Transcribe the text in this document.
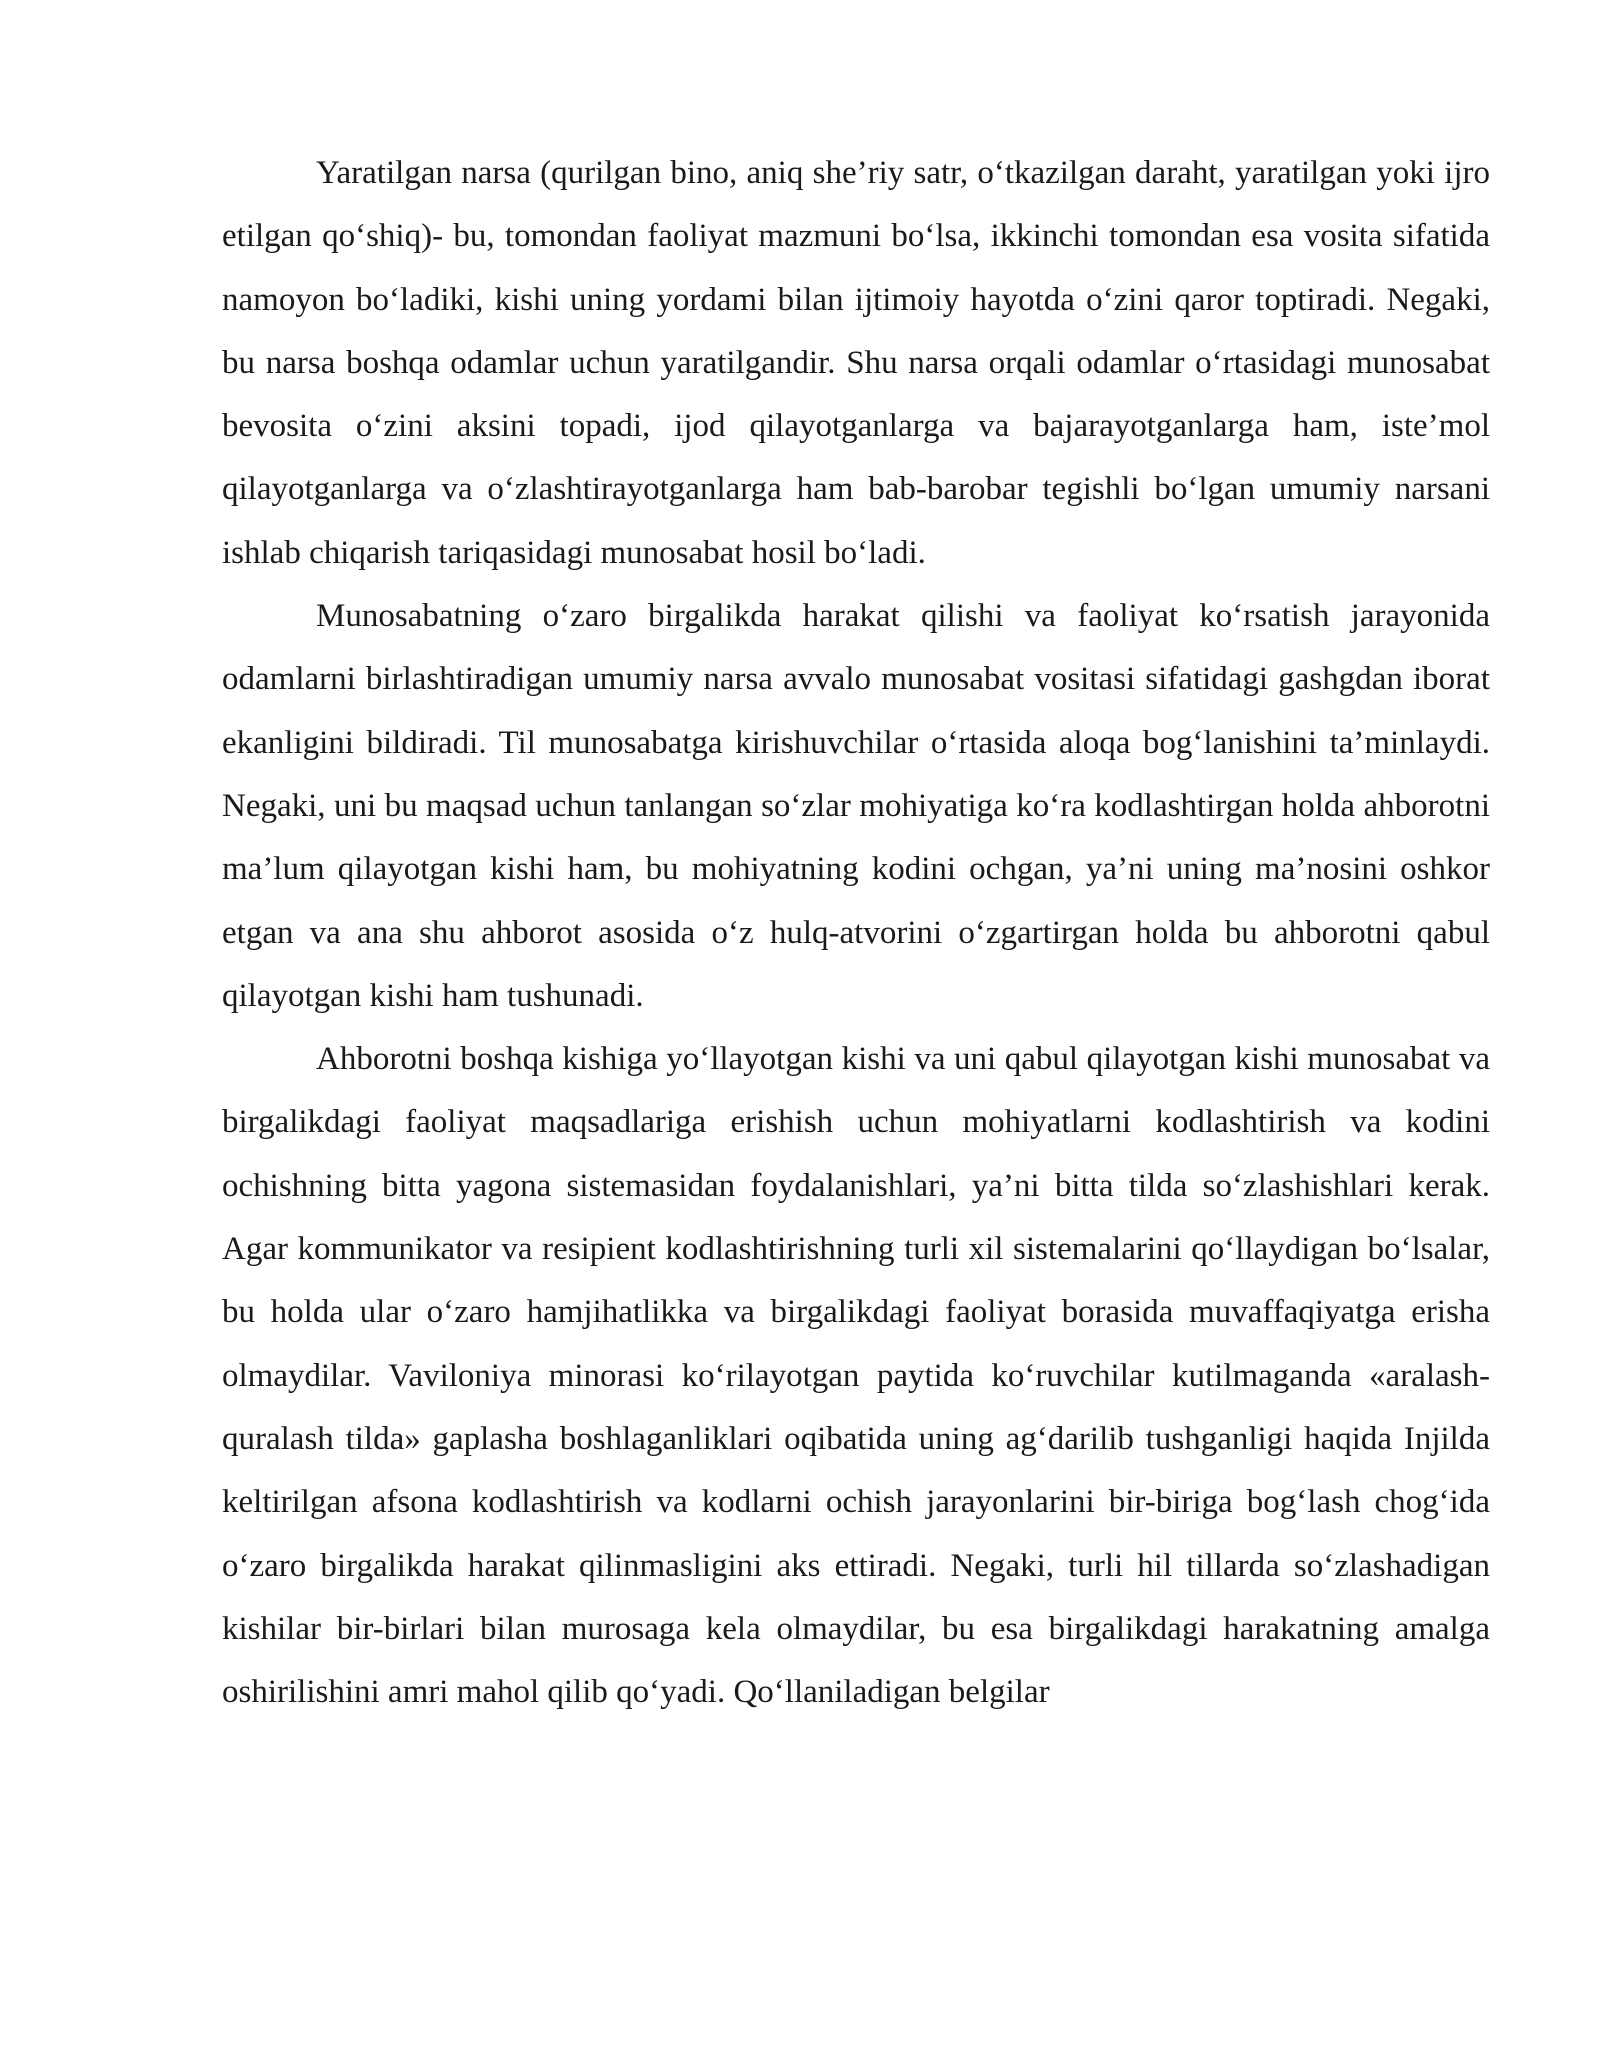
Yaratilgan narsa (qurilgan bino, aniq she’riy satr, o‘tkazilgan daraht, yaratilgan yoki ijro etilgan qo‘shiq)- bu, tomondan faoliyat mazmuni bo‘lsa, ikkinchi tomondan esa vosita sifatida namoyon bo‘ladiki, kishi uning yordami bilan ijtimoiy hayotda o‘zini qaror toptiradi. Negaki, bu narsa boshqa odamlar uchun yaratilgandir. Shu narsa orqali odamlar o‘rtasidagi munosabat bevosita o‘zini aksini topadi, ijod qilayotganlarga va bajarayotganlarga ham, iste’mol qilayotganlarga va o‘zlashtirayotganlarga ham bab-barobar tegishli bo‘lgan umumiy narsani ishlab chiqarish tariqasidagi munosabat hosil bo‘ladi.

Munosabatning o‘zaro birgalikda harakat qilishi va faoliyat ko‘rsatish jarayonida odamlarni birlashtiradigan umumiy narsa avvalo munosabat vositasi sifatidagi gashgdan iborat ekanligini bildiradi. Til munosabatga kirishuvchilar o‘rtasida aloqa bog‘lanishini ta’minlaydi. Negaki, uni bu maqsad uchun tanlangan so‘zlar mohiyatiga ko‘ra kodlashtirgan holda ahborotni ma’lum qilayotgan kishi ham, bu mohiyatning kodini ochgan, ya’ni uning ma’nosini oshkor etgan va ana shu ahborot asosida o‘z hulq-atvorini o‘zgartirgan holda bu ahborotni qabul qilayotgan kishi ham tushunadi.

Ahborotni boshqa kishiga yo‘llayotgan kishi va uni qabul qilayotgan kishi munosabat va birgalikdagi faoliyat maqsadlariga erishish uchun mohiyatlarni kodlashtirish va kodini ochishning bitta yagona sistemasidan foydalanishlari, ya’ni bitta tilda so‘zlashishlari kerak. Agar kommunikator va resipient kodlashtirishning turli xil sistemalarini qo‘llaydigan bo‘lsalar, bu holda ular o‘zaro hamjihatlikka va birgalikdagi faoliyat borasida muvaffaqiyatga erisha olmaydilar. Vaviloniya minorasi ko‘rilayotgan paytida ko‘ruvchilar kutilmaganda «aralash-quralash tilda» gaplasha boshlaganliklari oqibatida uning ag‘darilib tushganligi haqida Injilda keltirilgan afsona kodlashtirish va kodlarni ochish jarayonlarini bir-biriga bog‘lash chog‘ida o‘zaro birgalikda harakat qilinmasligini aks ettiradi. Negaki, turli hil tillarda so‘zlashadigan kishilar bir-birlari bilan murosaga kela olmaydilar, bu esa birgalikdagi harakatning amalga oshirilishini amri mahol qilib qo‘yadi. Qo‘llaniladigan belgilar
